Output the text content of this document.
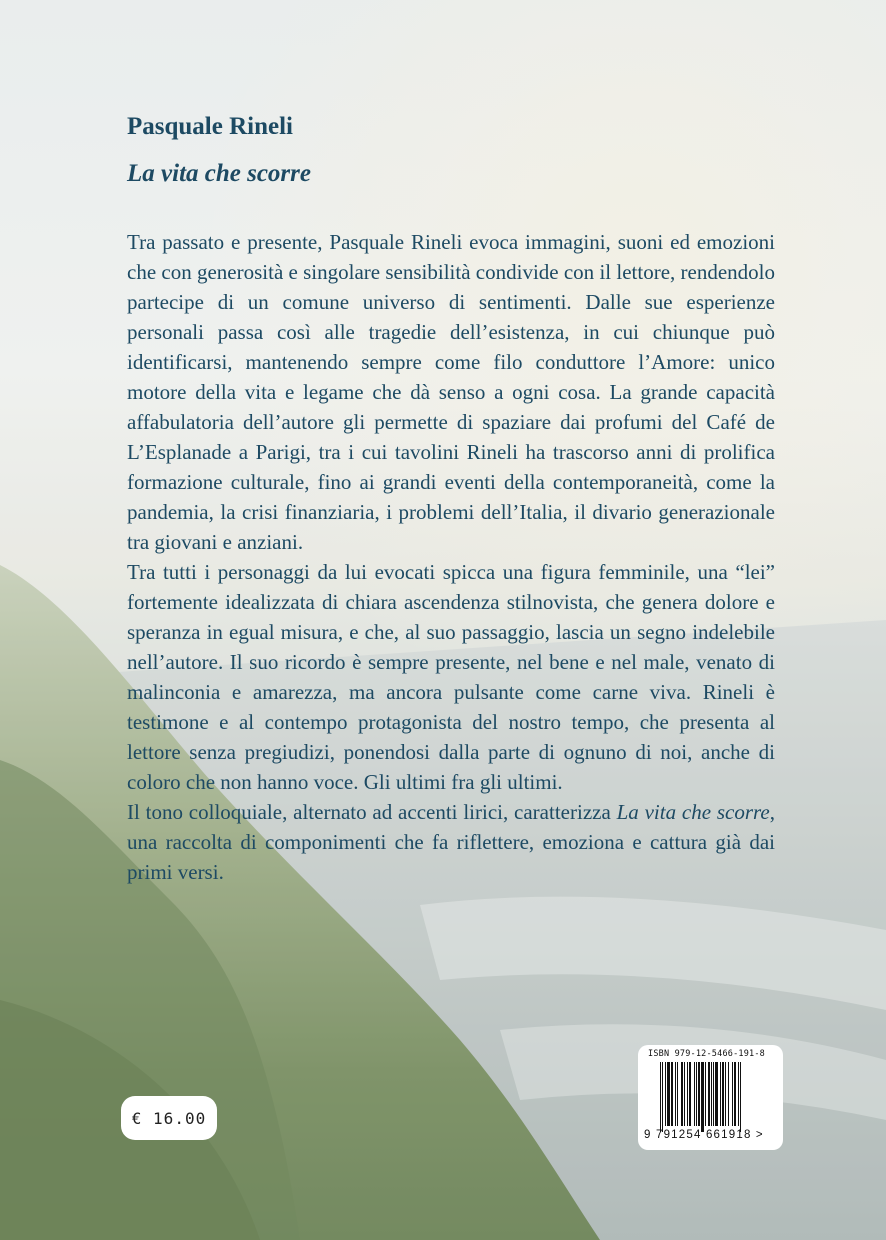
Pasquale Rineli
La vita che scorre

Tra passato e presente, Pasquale Rineli evoca immagini, suoni ed emozioni che con generosità e singolare sensibilità condivide con il lettore, rendendolo partecipe di un comune universo di sentimenti. Dalle sue esperienze personali passa così alle tragedie dell’esistenza, in cui chiunque può identificarsi, mantenendo sempre come filo conduttore l’Amore: unico motore della vita e legame che dà senso a ogni cosa. La grande capacità affabulatoria dell’autore gli permette di spaziare dai profumi del Café de L’Esplanade a Parigi, tra i cui tavolini Rineli ha trascorso anni di prolifica formazione culturale, fino ai grandi eventi della contemporaneità, come la pandemia, la crisi finanziaria, i problemi dell’Italia, il divario generazionale tra giovani e anziani.

Tra tutti i personaggi da lui evocati spicca una figura femminile, una “lei” fortemente idealizzata di chiara ascendenza stilnovista, che genera dolore e speranza in egual misura, e che, al suo passaggio, lascia un segno indelebile nell’autore. Il suo ricordo è sempre presente, nel bene e nel male, venato di malinconia e amarezza, ma ancora pulsante come carne viva. Rineli è testimone e al contempo protagonista del nostro tempo, che presenta al lettore senza pregiudizi, ponendosi dalla parte di ognuno di noi, anche di coloro che non hanno voce. Gli ultimi fra gli ultimi.

Il tono colloquiale, alternato ad accenti lirici, caratterizza La vita che scorre, una raccolta di componimenti che fa riflettere, emoziona e cattura già dai primi versi.

€ 16.00
ISBN 979-12-5466-191-8
9 791254 661918 >
